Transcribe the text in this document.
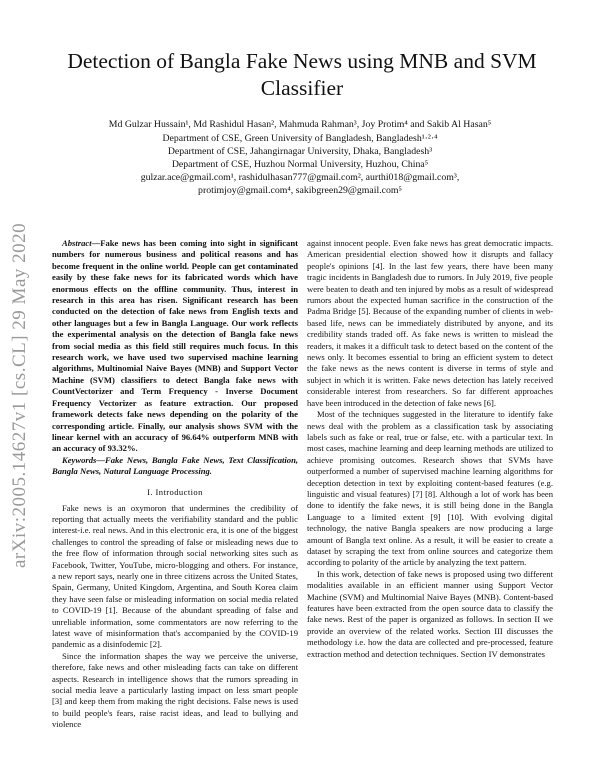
arXiv:2005.14627v1 [cs.CL] 29 May 2020
Detection of Bangla Fake News using MNB and SVM Classifier
Md Gulzar Hussain¹, Md Rashidul Hasan², Mahmuda Rahman³, Joy Protim⁴ and Sakib Al Hasan⁵
Department of CSE, Green University of Bangladesh, Bangladesh¹·²·⁴
Department of CSE, Jahangirnagar University, Dhaka, Bangladesh³
Department of CSE, Huzhou Normal University, Huzhou, China⁵
gulzar.ace@gmail.com¹, rashidulhasan777@gmail.com², aurthi018@gmail.com³,
protimjoy@gmail.com⁴, sakibgreen29@gmail.com⁵

Abstract—Fake news has been coming into sight in significant numbers for numerous business and political reasons and has become frequent in the online world. People can get contaminated easily by these fake news for its fabricated words which have enormous effects on the offline community. Thus, interest in research in this area has risen. Significant research has been conducted on the detection of fake news from English texts and other languages but a few in Bangla Language. Our work reflects the experimental analysis on the detection of Bangla fake news from social media as this field still requires much focus. In this research work, we have used two supervised machine learning algorithms, Multinomial Naive Bayes (MNB) and Support Vector Machine (SVM) classifiers to detect Bangla fake news with CountVectorizer and Term Frequency - Inverse Document Frequency Vectorizer as feature extraction. Our proposed framework detects fake news depending on the polarity of the corresponding article. Finally, our analysis shows SVM with the linear kernel with an accuracy of 96.64% outperform MNB with an accuracy of 93.32%.

Keywords—Fake News, Bangla Fake News, Text Classification, Bangla News, Natural Language Processing.

I. Introduction

Fake news is an oxymoron that undermines the credibility of reporting that actually meets the verifiability standard and the public interest-i.e. real news. And in this electronic era, it is one of the biggest challenges to control the spreading of false or misleading news due to the free flow of information through social networking sites such as Facebook, Twitter, YouTube, micro-blogging and others. For instance, a new report says, nearly one in three citizens across the United States, Spain, Germany, United Kingdom, Argentina, and South Korea claim they have seen false or misleading information on social media related to COVID-19 [1]. Because of the abundant spreading of false and unreliable information, some commentators are now referring to the latest wave of misinformation that's accompanied by the COVID-19 pandemic as a disinfodemic [2].

Since the information shapes the way we perceive the universe, therefore, fake news and other misleading facts can take on different aspects. Research in intelligence shows that the rumors spreading in social media leave a particularly lasting impact on less smart people [3] and keep them from making the right decisions. False news is used to build people's fears, raise racist ideas, and lead to bullying and violence

against innocent people. Even fake news has great democratic impacts. American presidential election showed how it disrupts and fallacy people's opinions [4]. In the last few years, there have been many tragic incidents in Bangladesh due to rumors. In July 2019, five people were beaten to death and ten injured by mobs as a result of widespread rumors about the expected human sacrifice in the construction of the Padma Bridge [5]. Because of the expanding number of clients in web-based life, news can be immediately distributed by anyone, and its credibility stands traded off. As fake news is written to mislead the readers, it makes it a difficult task to detect based on the content of the news only. It becomes essential to bring an efficient system to detect the fake news as the news content is diverse in terms of style and subject in which it is written. Fake news detection has lately received considerable interest from researchers. So far different approaches have been introduced in the detection of fake news [6].

Most of the techniques suggested in the literature to identify fake news deal with the problem as a classification task by associating labels such as fake or real, true or false, etc. with a particular text. In most cases, machine learning and deep learning methods are utilized to achieve promising outcomes. Research shows that SVMs have outperformed a number of supervised machine learning algorithms for deception detection in text by exploiting content-based features (e.g. linguistic and visual features) [7] [8]. Although a lot of work has been done to identify the fake news, it is still being done in the Bangla Language to a limited extent [9] [10]. With evolving digital technology, the native Bangla speakers are now producing a large amount of Bangla text online. As a result, it will be easier to create a dataset by scraping the text from online sources and categorize them according to polarity of the article by analyzing the text pattern.

In this work, detection of fake news is proposed using two different modalities available in an efficient manner using Support Vector Machine (SVM) and Multinomial Naive Bayes (MNB). Content-based features have been extracted from the open source data to classify the fake news. Rest of the paper is organized as follows. In section II we provide an overview of the related works. Section III discusses the methodology i.e. how the data are collected and pre-processed, feature extraction method and detection techniques. Section IV demonstrates
